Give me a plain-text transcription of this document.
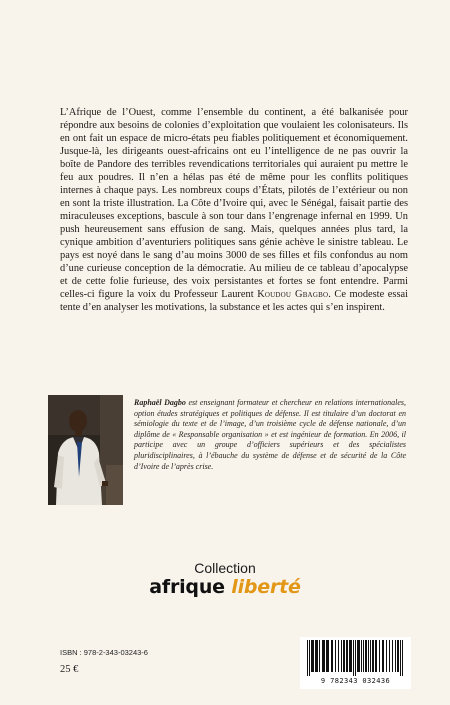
L’Afrique de l’Ouest, comme l’ensemble du continent, a été balkanisée pour répondre aux besoins de colonies d’exploitation que voulaient les colonisateurs. Ils en ont fait un espace de micro-états peu fiables politiquement et économiquement. Jusque-là, les dirigeants ouest-africains ont eu l’intelligence de ne pas ouvrir la boîte de Pandore des terribles revendications territoriales qui auraient pu mettre le feu aux poudres. Il n’en a hélas pas été de même pour les conflits politiques internes à chaque pays. Les nombreux coups d’États, pilotés de l’extérieur ou non en sont la triste illustration. La Côte d’Ivoire qui, avec le Sénégal, faisait partie des miraculeuses exceptions, bascule à son tour dans l’engrenage infernal en 1999. Un push heureusement sans effusion de sang. Mais, quelques années plus tard, la cynique ambition d’aventuriers politiques sans génie achève le sinistre tableau. Le pays est noyé dans le sang d’au moins 3000 de ses filles et fils confondus au nom d’une curieuse conception de la démocratie. Au milieu de ce tableau d’apocalypse et de cette folie furieuse, des voix persistantes et fortes se font entendre. Parmi celles-ci figure la voix du Professeur Laurent Koudou Gbagbo. Ce modeste essai tente d’en analyser les motivations, la substance et les actes qui s’en inspirent.

Raphaël Dagbo est enseignant formateur et chercheur en relations internationales, option études stratégiques et politiques de défense. Il est titulaire d’un doctorat en sémiologie du texte et de l’image, d’un troisième cycle de défense nationale, d’un diplôme de « Responsable organisation » et est ingénieur de formation. En 2006, il participe avec un groupe d’officiers supérieurs et des spécialistes pluridisciplinaires, à l’ébauche du système de défense et de sécurité de la Côte d’Ivoire de l’après crise.

Collection
afrique liberté
ISBN : 978-2-343-03243-6
25 €
9 782343 032436
